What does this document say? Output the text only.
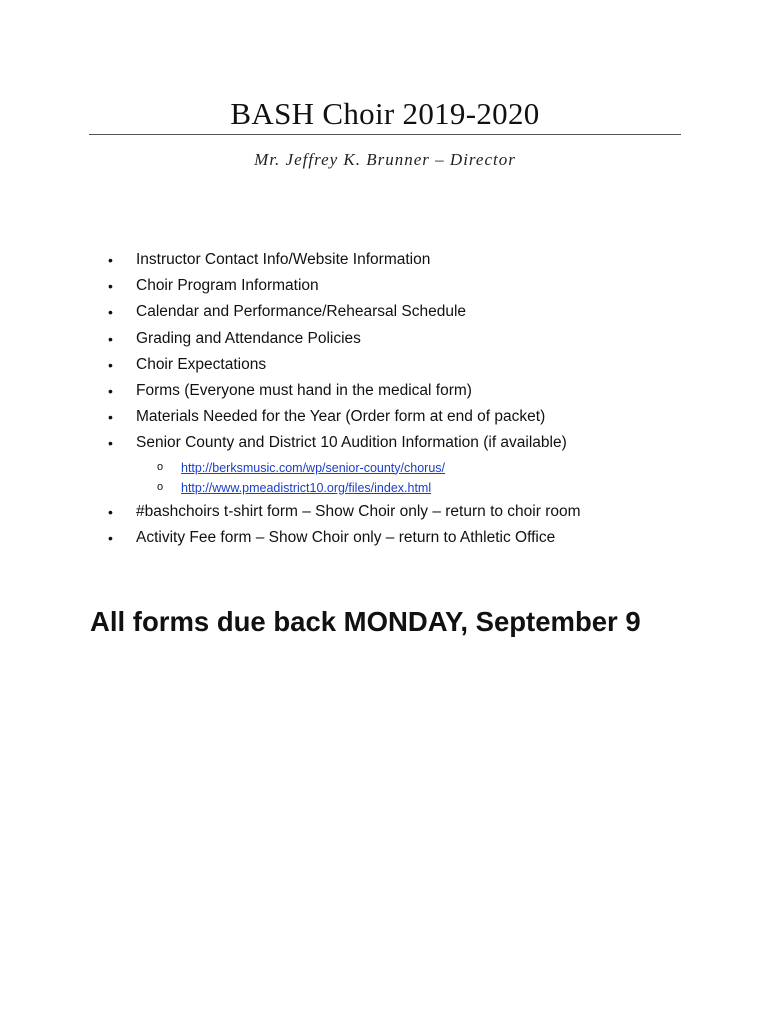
BASH Choir 2019-2020
Mr. Jeffrey K. Brunner – Director
•	Instructor Contact Info/Website Information
•	Choir Program Information
•	Calendar and Performance/Rehearsal Schedule
•	Grading and Attendance Policies
•	Choir Expectations
•	Forms (Everyone must hand in the medical form)
•	Materials Needed for the Year (Order form at end of packet)
•	Senior County and District 10 Audition Information (if available)
o http://berksmusic.com/wp/senior-county/chorus/
o http://www.pmeadistrict10.org/files/index.html
•	#bashchoirs t-shirt form – Show Choir only – return to choir room
•	Activity Fee form – Show Choir only – return to Athletic Office
All forms due back MONDAY, September 9
